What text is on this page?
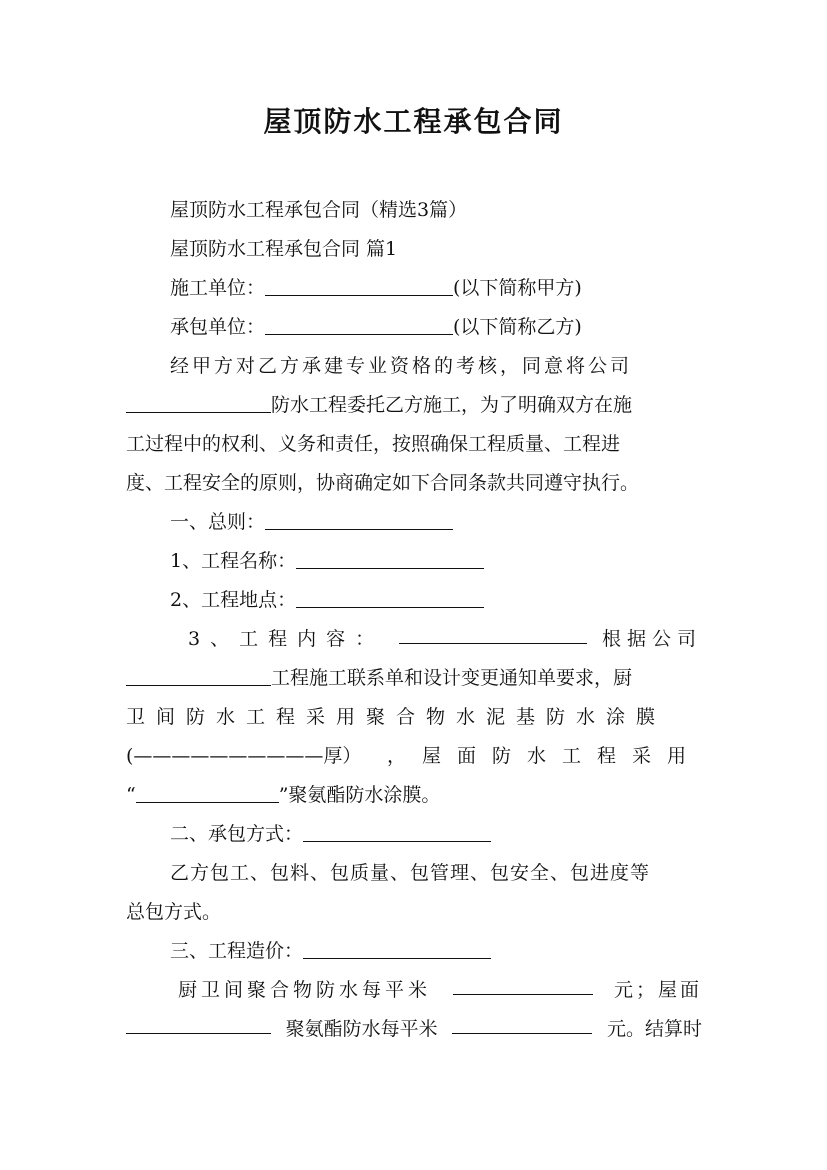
屋顶防水工程承包合同
屋顶防水工程承包合同（精选3篇）
屋顶防水工程承包合同 篇1
施工单位：	(以下简称甲方)
承包单位：	(以下简称乙方)
经甲方对乙方承建专业资格的考核，同意将公司
防水工程委托乙方施工，为了明确双方在施
工过程中的权利、义务和责任，按照确保工程质量、工程进
度、工程安全的原则，协商确定如下合同条款共同遵守执行。
一、总则：
1、工程名称：
2、工程地点：
3、工程内容：	根据公司
工程施工联系单和设计变更通知单要求，厨
卫间防水工程采用聚合物水泥基防水涂膜
(——————————厚） ，屋面防水工程采用
“	”聚氨酯防水涂膜。
二、承包方式：
乙方包工、包料、包质量、包管理、包安全、包进度等
总包方式。
三、工程造价：
厨卫间聚合物防水每平米	元；屋面
聚氨酯防水每平米	元。结算时
